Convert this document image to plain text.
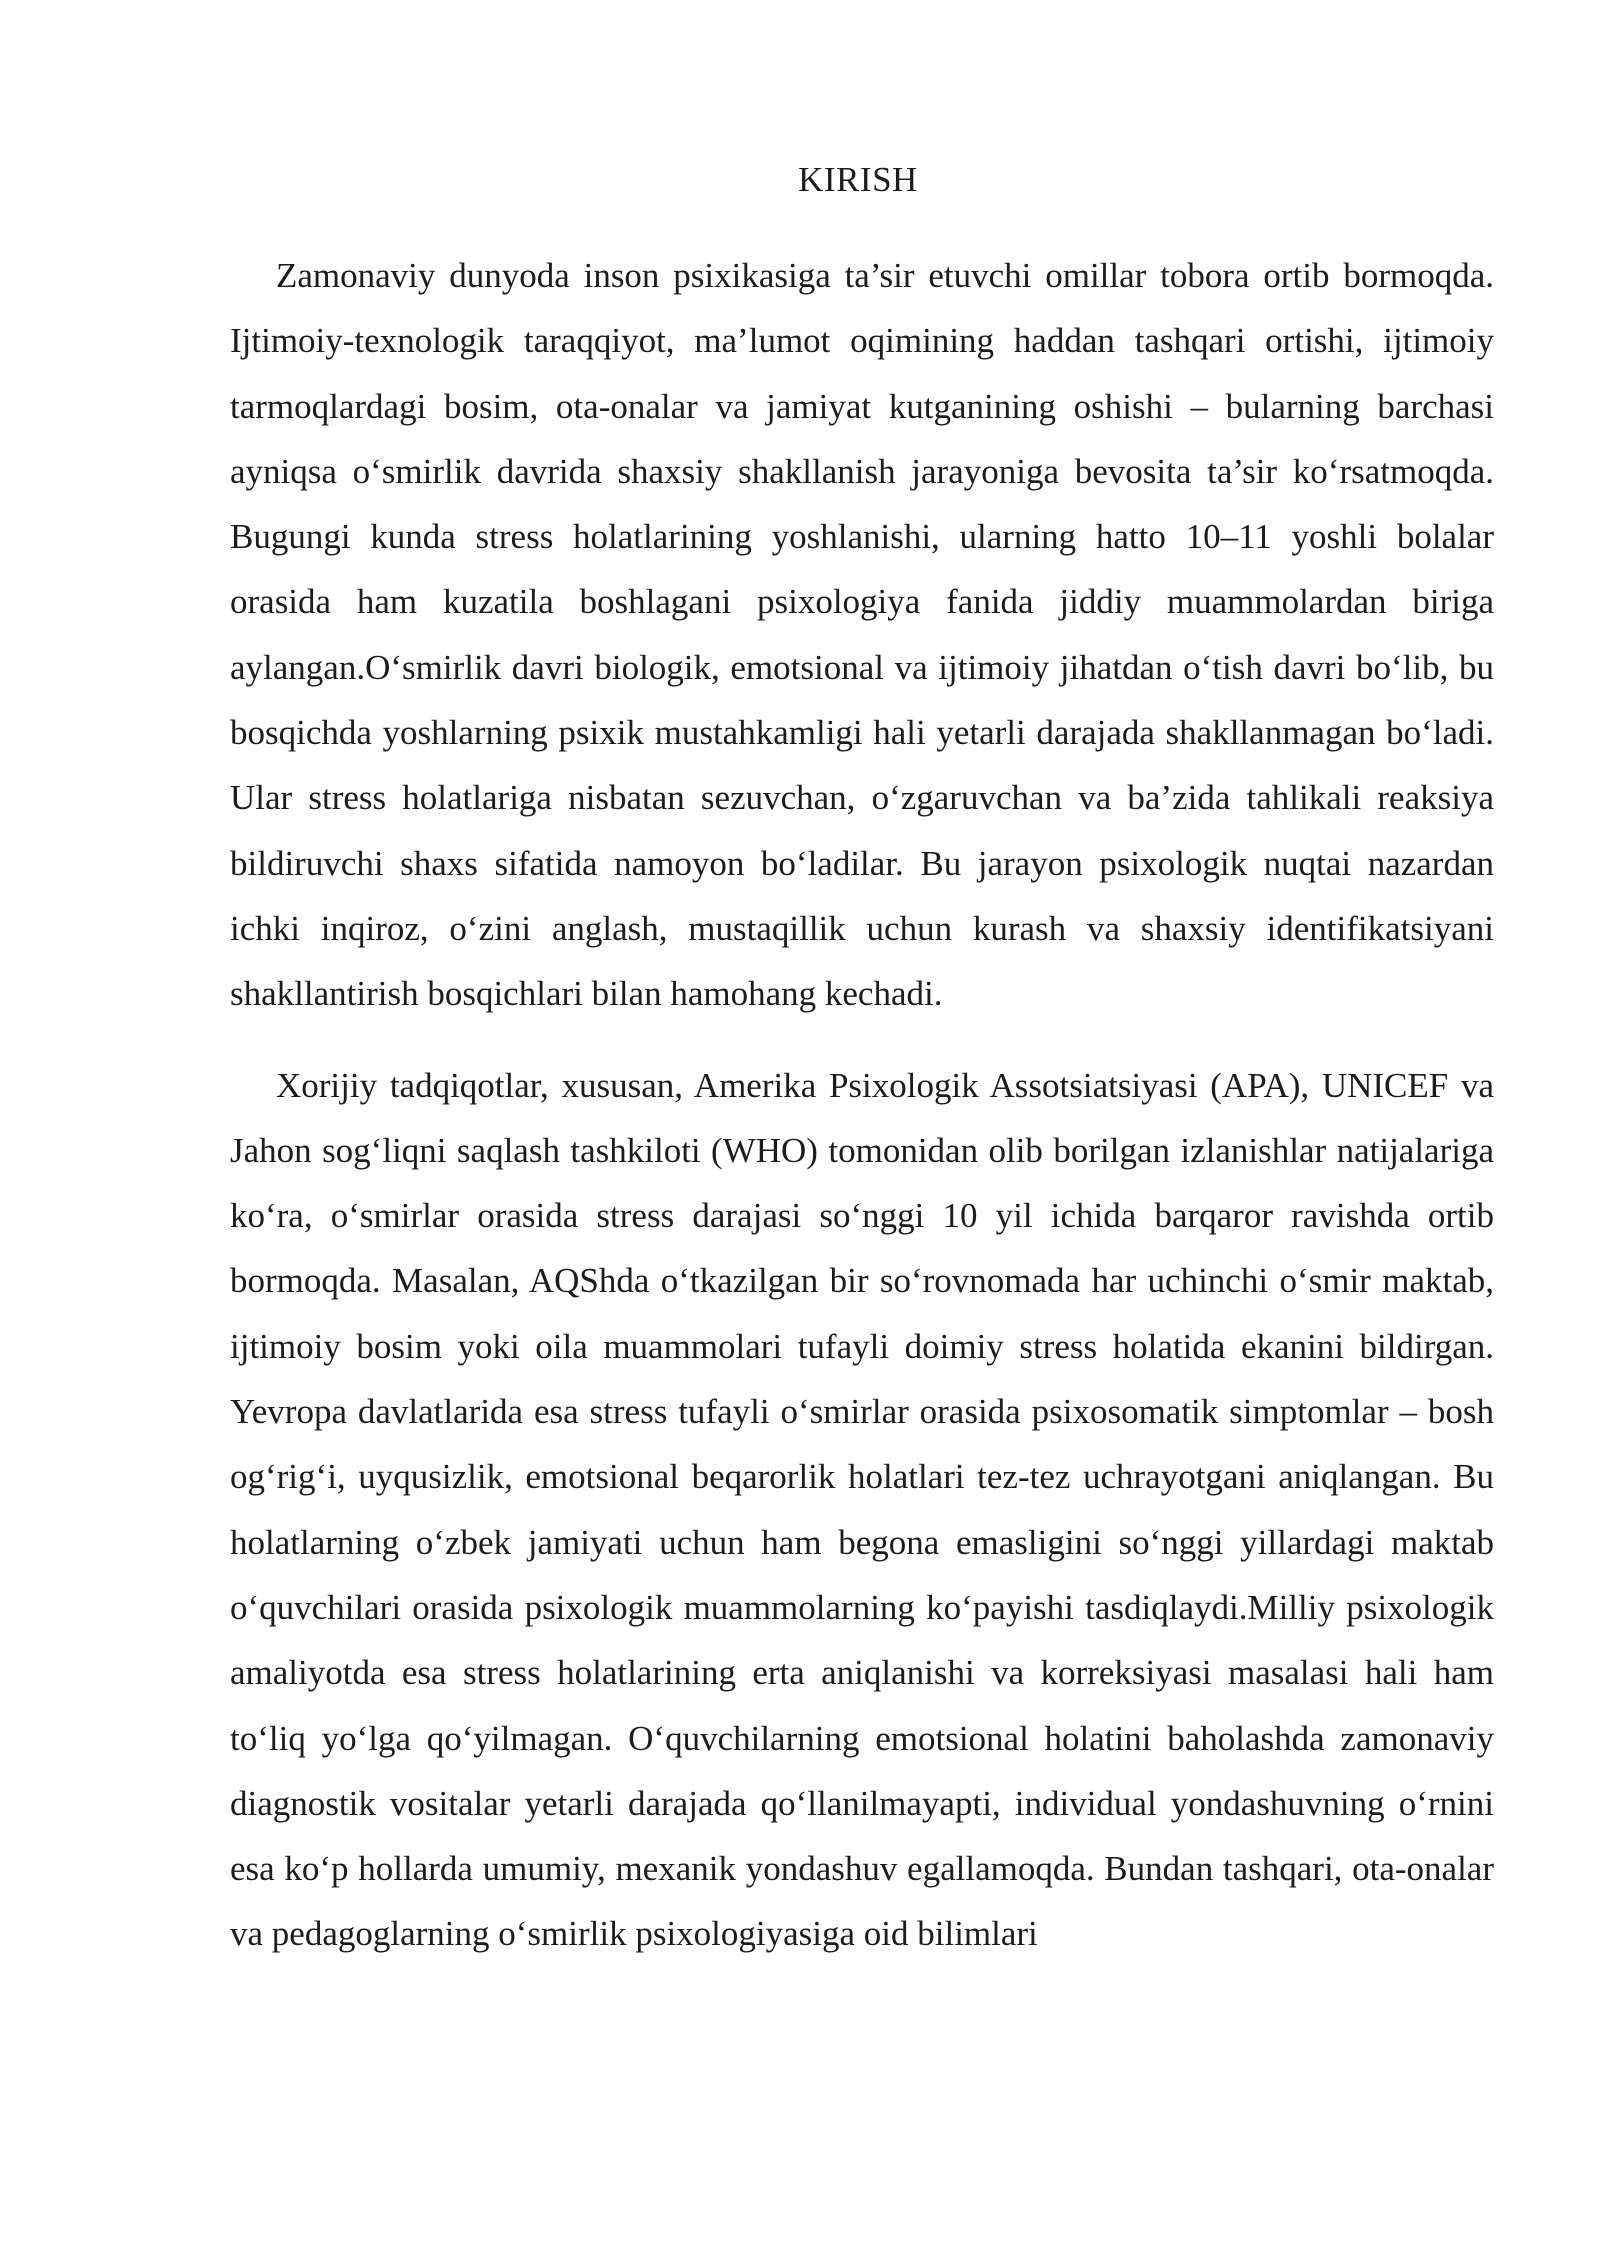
KIRISH

Zamonaviy dunyoda inson psixikasiga ta’sir etuvchi omillar tobora ortib bormoqda. Ijtimoiy-texnologik taraqqiyot, ma’lumot oqimining haddan tashqari ortishi, ijtimoiy tarmoqlardagi bosim, ota-onalar va jamiyat kutganining oshishi – bularning barchasi ayniqsa o‘smirlik davrida shaxsiy shakllanish jarayoniga bevosita ta’sir ko‘rsatmoqda. Bugungi kunda stress holatlarining yoshlanishi, ularning hatto 10–11 yoshli bolalar orasida ham kuzatila boshlagani psixologiya fanida jiddiy muammolardan biriga aylangan.O‘smirlik davri biologik, emotsional va ijtimoiy jihatdan o‘tish davri bo‘lib, bu bosqichda yoshlarning psixik mustahkamligi hali yetarli darajada shakllanmagan bo‘ladi. Ular stress holatlariga nisbatan sezuvchan, o‘zgaruvchan va ba’zida tahlikali reaksiya bildiruvchi shaxs sifatida namoyon bo‘ladilar. Bu jarayon psixologik nuqtai nazardan ichki inqiroz, o‘zini anglash, mustaqillik uchun kurash va shaxsiy identifikatsiyani shakllantirish bosqichlari bilan hamohang kechadi.

Xorijiy tadqiqotlar, xususan, Amerika Psixologik Assotsiatsiyasi (APA), UNICEF va Jahon sog‘liqni saqlash tashkiloti (WHO) tomonidan olib borilgan izlanishlar natijalariga ko‘ra, o‘smirlar orasida stress darajasi so‘nggi 10 yil ichida barqaror ravishda ortib bormoqda. Masalan, AQShda o‘tkazilgan bir so‘rovnomada har uchinchi o‘smir maktab, ijtimoiy bosim yoki oila muammolari tufayli doimiy stress holatida ekanini bildirgan. Yevropa davlatlarida esa stress tufayli o‘smirlar orasida psixosomatik simptomlar – bosh og‘rig‘i, uyqusizlik, emotsional beqarorlik holatlari tez-tez uchrayotgani aniqlangan. Bu holatlarning o‘zbek jamiyati uchun ham begona emasligini so‘nggi yillardagi maktab o‘quvchilari orasida psixologik muammolarning ko‘payishi tasdiqlaydi.Milliy psixologik amaliyotda esa stress holatlarining erta aniqlanishi va korreksiyasi masalasi hali ham to‘liq yo‘lga qo‘yilmagan. O‘quvchilarning emotsional holatini baholashda zamonaviy diagnostik vositalar yetarli darajada qo‘llanilmayapti, individual yondashuvning o‘rnini esa ko‘p hollarda umumiy, mexanik yondashuv egallamoqda. Bundan tashqari, ota-onalar va pedagoglarning o‘smirlik psixologiyasiga oid bilimlari
